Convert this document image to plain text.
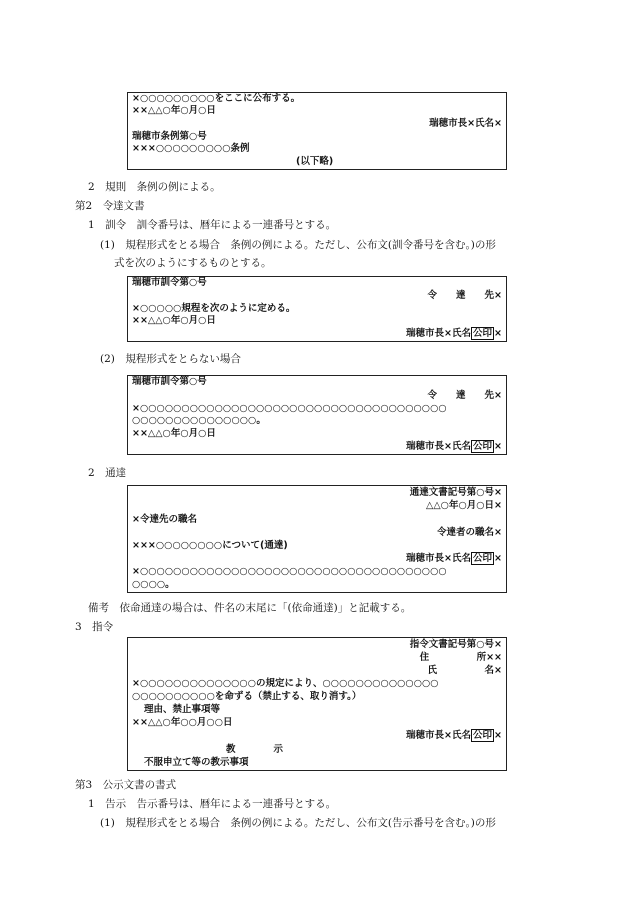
×○○○○○○○○○をここに公布する。
××△△○年○月○日
瑞穂市長×氏名×
瑞穂市条例第○号
×××○○○○○○○○○条例
(以下略)
2　規則　条例の例による。
第2　令達文書
1　訓令　訓令番号は、暦年による一連番号とする。
(1)　規程形式をとる場合　条例の例による。ただし、公布文(訓令番号を含む。)の形
式を次のようにするものとする。
瑞穂市訓令第○号
令　　達　　先×
×○○○○○規程を次のように定める。
××△△○年○月○日
瑞穂市長×氏名 公印 ×
(2)　規程形式をとらない場合
瑞穂市訓令第○号
令　　達　　先×
×○○○○○○○○○○○○○○○○○○○○○○○○○○○○○○○○○○○○○
○○○○○○○○○○○○○○○。
××△△○年○月○日
瑞穂市長×氏名 公印 ×
2　通達
通達文書記号第○号×
△△○年○月○日×
×令達先の職名
令達者の職名×
×××○○○○○○○○について(通達)
瑞穂市長×氏名 公印 ×
×○○○○○○○○○○○○○○○○○○○○○○○○○○○○○○○○○○○○○
○○○○。
備考　依命通達の場合は、件名の末尾に「(依命通達)」と記載する。
3　指令
指令文書記号第○号×
住　　　　　所××
氏　　　　　名×
×○○○○○○○○○○○○○○の規定により、○○○○○○○○○○○○○○
○○○○○○○○○○を命ずる（禁止する、取り消す。）
理由、禁止事項等
××△△○年○○月○○日
瑞穂市長×氏名 公印 ×
教　　　　示
不服申立て等の教示事項
第3　公示文書の書式
1　告示　告示番号は、暦年による一連番号とする。
(1)　規程形式をとる場合　条例の例による。ただし、公布文(告示番号を含む。)の形
